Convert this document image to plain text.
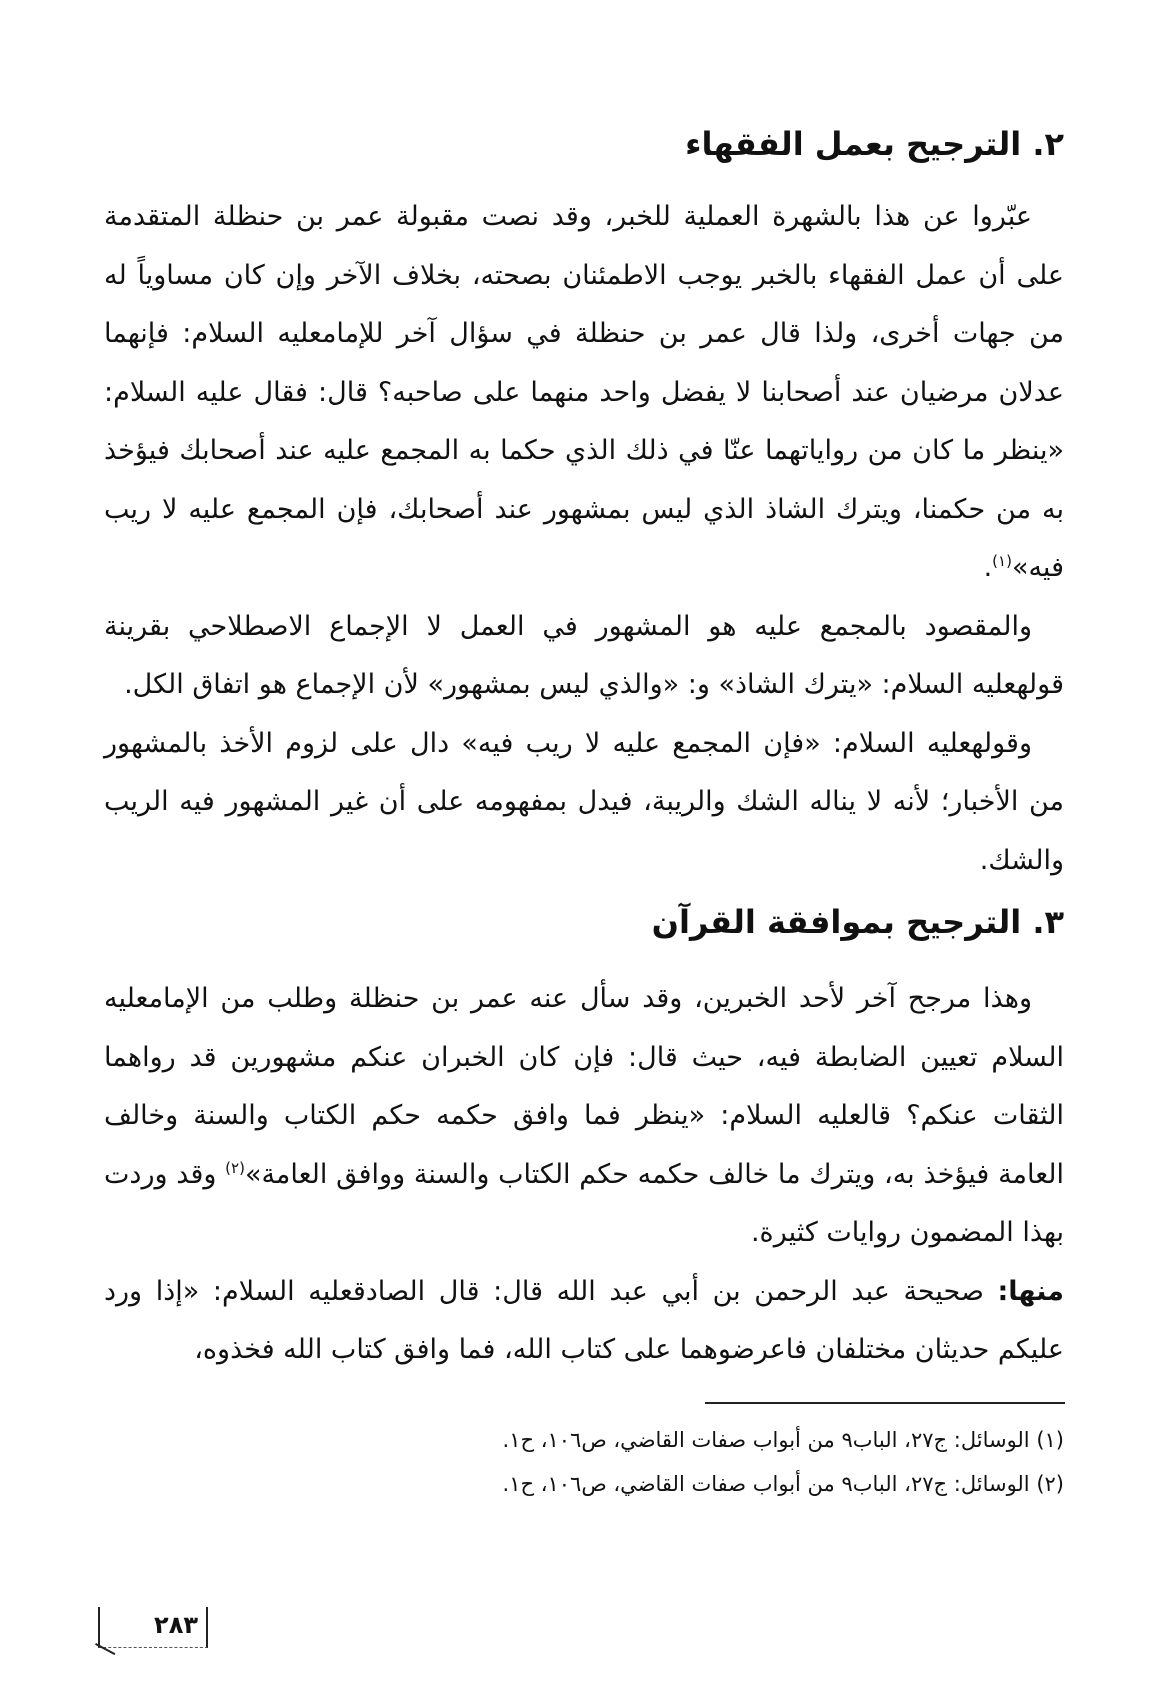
٢. الترجيح بعمل الفقهاء

عبّروا عن هذا بالشهرة العملية للخبر، وقد نصت مقبولة عمر بن حنظلة المتقدمة على أن عمل الفقهاء بالخبر يوجب الاطمئنان بصحته، بخلاف الآخر وإن كان مساوياً له من جهات أخرى، ولذا قال عمر بن حنظلة في سؤال آخر للإمامعليه السلام: فإنهما عدلان مرضيان عند أصحابنا لا يفضل واحد منهما على صاحبه؟ قال: فقال عليه السلام: «ينظر ما كان من رواياتهما عنّا في ذلك الذي حكما به المجمع عليه عند أصحابك فيؤخذ به من حكمنا، ويترك الشاذ الذي ليس بمشهور عند أصحابك، فإن المجمع عليه لا ريب فيه»$^{(١)}$.

والمقصود بالمجمع عليه هو المشهور في العمل لا الإجماع الاصطلاحي بقرينة قولهعليه السلام: «يترك الشاذ» و: «والذي ليس بمشهور» لأن الإجماع هو اتفاق الكل.

وقولهعليه السلام: «فإن المجمع عليه لا ريب فيه» دال على لزوم الأخذ بالمشهور من الأخبار؛ لأنه لا يناله الشك والريبة، فيدل بمفهومه على أن غير المشهور فيه الريب والشك.

٣. الترجيح بموافقة القرآن

وهذا مرجح آخر لأحد الخبرين، وقد سأل عنه عمر بن حنظلة وطلب من الإمامعليه السلام تعيين الضابطة فيه، حيث قال: فإن كان الخبران عنكم مشهورين قد رواهما الثقات عنكم؟ قالعليه السلام: «ينظر فما وافق حكمه حكم الكتاب والسنة وخالف العامة فيؤخذ به، ويترك ما خالف حكمه حكم الكتاب والسنة ووافق العامة»$^{(٢)}$ وقد وردت بهذا المضمون روايات كثيرة.

منها: صحيحة عبد الرحمن بن أبي عبد الله قال: قال الصادقعليه السلام: «إذا ورد عليكم حديثان مختلفان فاعرضوهما على كتاب الله، فما وافق كتاب الله فخذوه،

(١) الوسائل: ج٢٧، الباب٩ من أبواب صفات القاضي، ص١٠٦، ح١.

(٢) الوسائل: ج٢٧، الباب٩ من أبواب صفات القاضي، ص١٠٦، ح١.

٢٨٣
